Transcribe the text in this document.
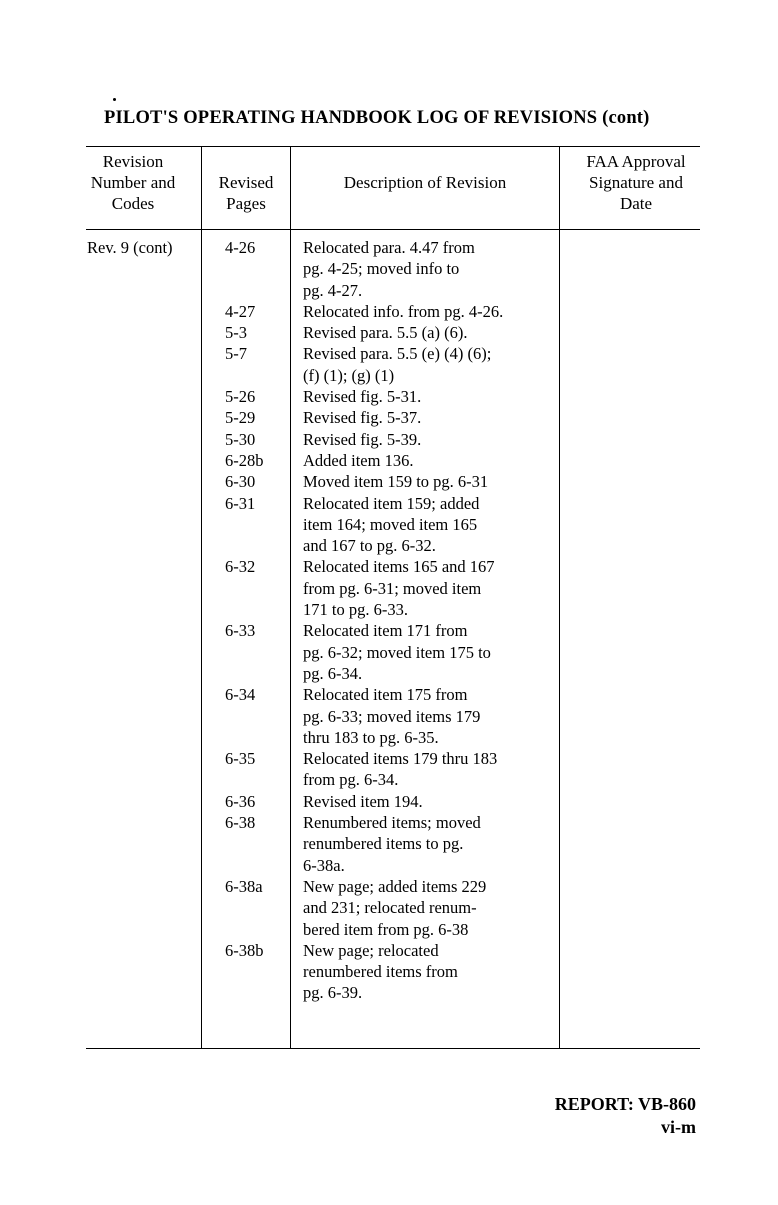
PILOT'S OPERATING HANDBOOK LOG OF REVISIONS (cont)
Revision
Number and
Codes
Revised
Pages
Description of Revision
FAA Approval
Signature and
Date
Rev. 9 (cont)	4-26
4-27
5-3
5-7
5-26
5-29
5-30
6-28b
6-30
6-31
6-32
6-33
6-34
6-35
6-36
6-38
6-38a
6-38b
Relocated para. 4.47 from
pg. 4-25; moved info to
pg. 4-27.
Relocated info. from pg. 4-26.
Revised para. 5.5 (a) (6).
Revised para. 5.5 (e) (4) (6);
(f) (1); (g) (1)
Revised fig. 5-31.
Revised fig. 5-37.
Revised fig. 5-39.
Added item 136.
Moved item 159 to pg. 6-31
Relocated item 159; added
item 164; moved item 165
and 167 to pg. 6-32.
Relocated items 165 and 167
from pg. 6-31; moved item
171 to pg. 6-33.
Relocated item 171 from
pg. 6-32; moved item 175 to
pg. 6-34.
Relocated item 175 from
pg. 6-33; moved items 179
thru 183 to pg. 6-35.
Relocated items 179 thru 183
from pg. 6-34.
Revised item 194.
Renumbered items; moved
renumbered items to pg.
6-38a.
New page; added items 229
and 231; relocated renum-
bered item from pg. 6-38
New page; relocated
renumbered items from
pg. 6-39.
REPORT: VB-860
vi-m
